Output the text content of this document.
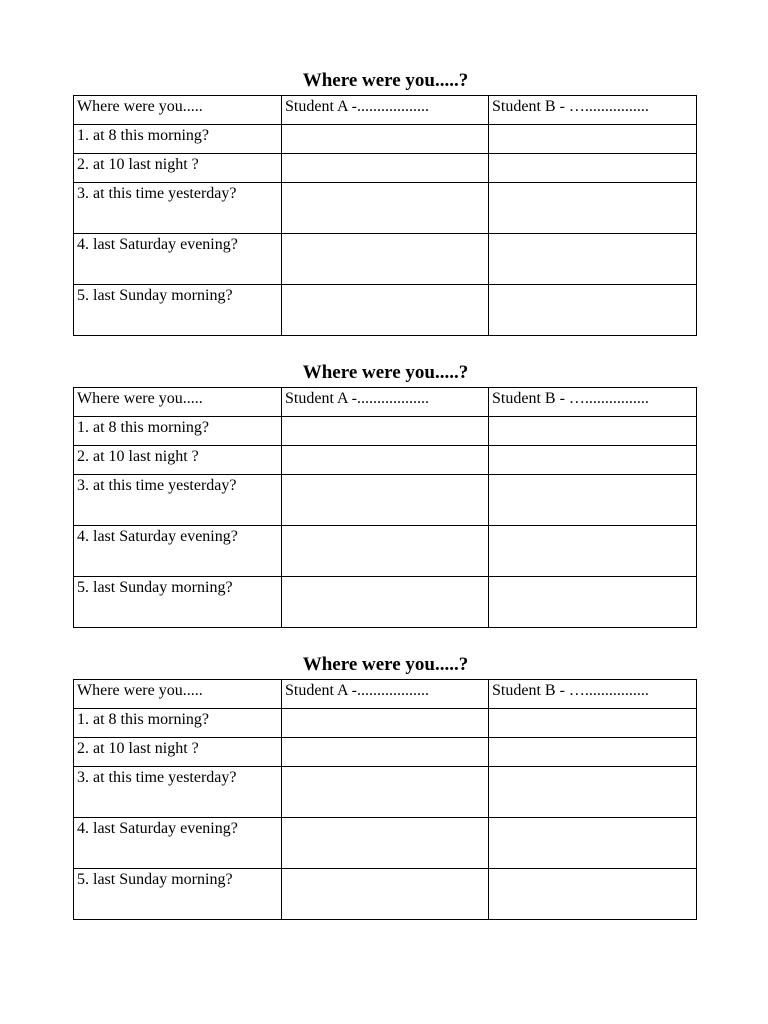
Where were you.....?
Where were you.....	Student A -..................	Student B - …................
1. at 8 this morning?		
2. at 10 last night ?		
3. at this time yesterday?		
4. last Saturday evening?		
5. last Sunday morning?		
Where were you.....?
Where were you.....	Student A -..................	Student B - …................
1. at 8 this morning?		
2. at 10 last night ?		
3. at this time yesterday?		
4. last Saturday evening?		
5. last Sunday morning?		
Where were you.....?
Where were you.....	Student A -..................	Student B - …................
1. at 8 this morning?		
2. at 10 last night ?		
3. at this time yesterday?		
4. last Saturday evening?		
5. last Sunday morning?		
